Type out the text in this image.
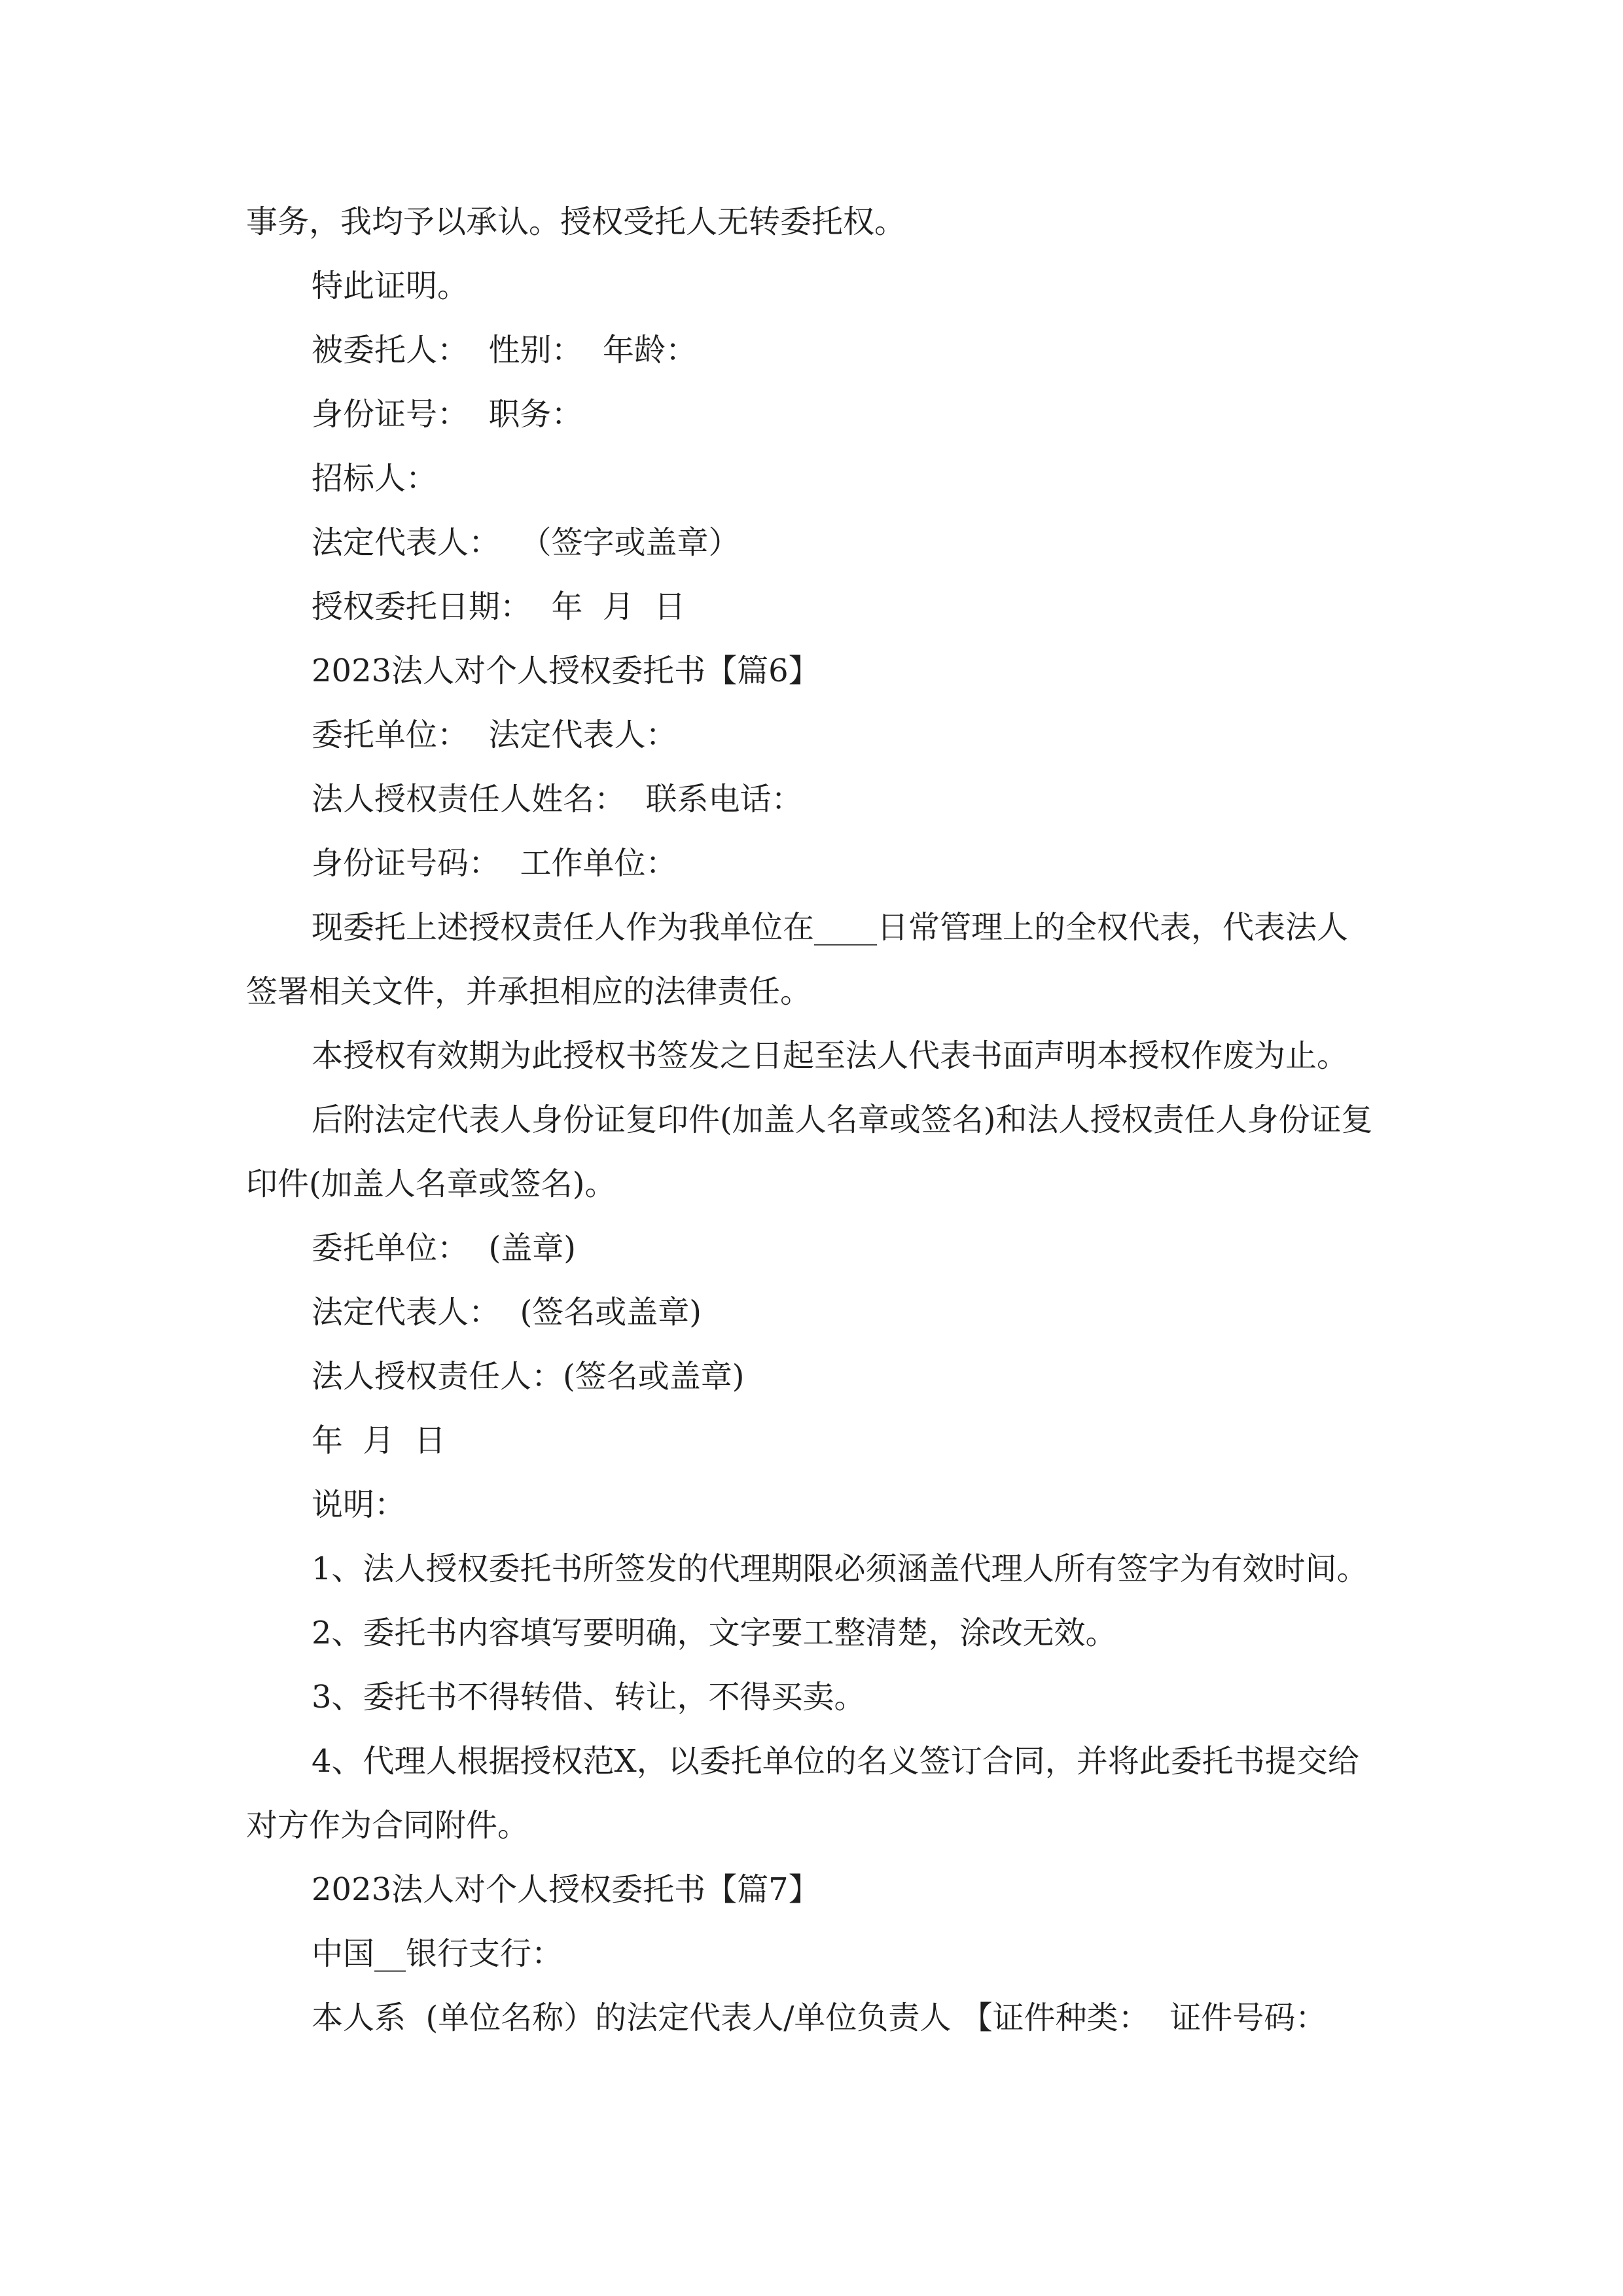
事务，我均予以承认。授权受托人无转委托权。

特此证明。

被委托人：  性别：  年龄：

身份证号：  职务：

招标人：

法定代表人：  （签字或盖章）

授权委托日期：  年  月  日

2023法人对个人授权委托书【篇6】

委托单位：  法定代表人：

法人授权责任人姓名：  联系电话：

身份证号码：  工作单位：

现委托上述授权责任人作为我单位在____日常管理上的全权代表，代表法人签署相关文件，并承担相应的法律责任。

本授权有效期为此授权书签发之日起至法人代表书面声明本授权作废为止。

后附法定代表人身份证复印件(加盖人名章或签名)和法人授权责任人身份证复印件(加盖人名章或签名)。

委托单位：  (盖章)

法定代表人：  (签名或盖章)

法人授权责任人：(签名或盖章)

年  月  日

说明：

1、法人授权委托书所签发的代理期限必须涵盖代理人所有签字为有效时间。

2、委托书内容填写要明确，文字要工整清楚，涂改无效。

3、委托书不得转借、转让，不得买卖。

4、代理人根据授权范X，以委托单位的名义签订合同，并将此委托书提交给对方作为合同附件。

2023法人对个人授权委托书【篇7】

中国__银行支行：

本人系  (单位名称）的法定代表人/单位负责人 【证件种类：  证件号码：
